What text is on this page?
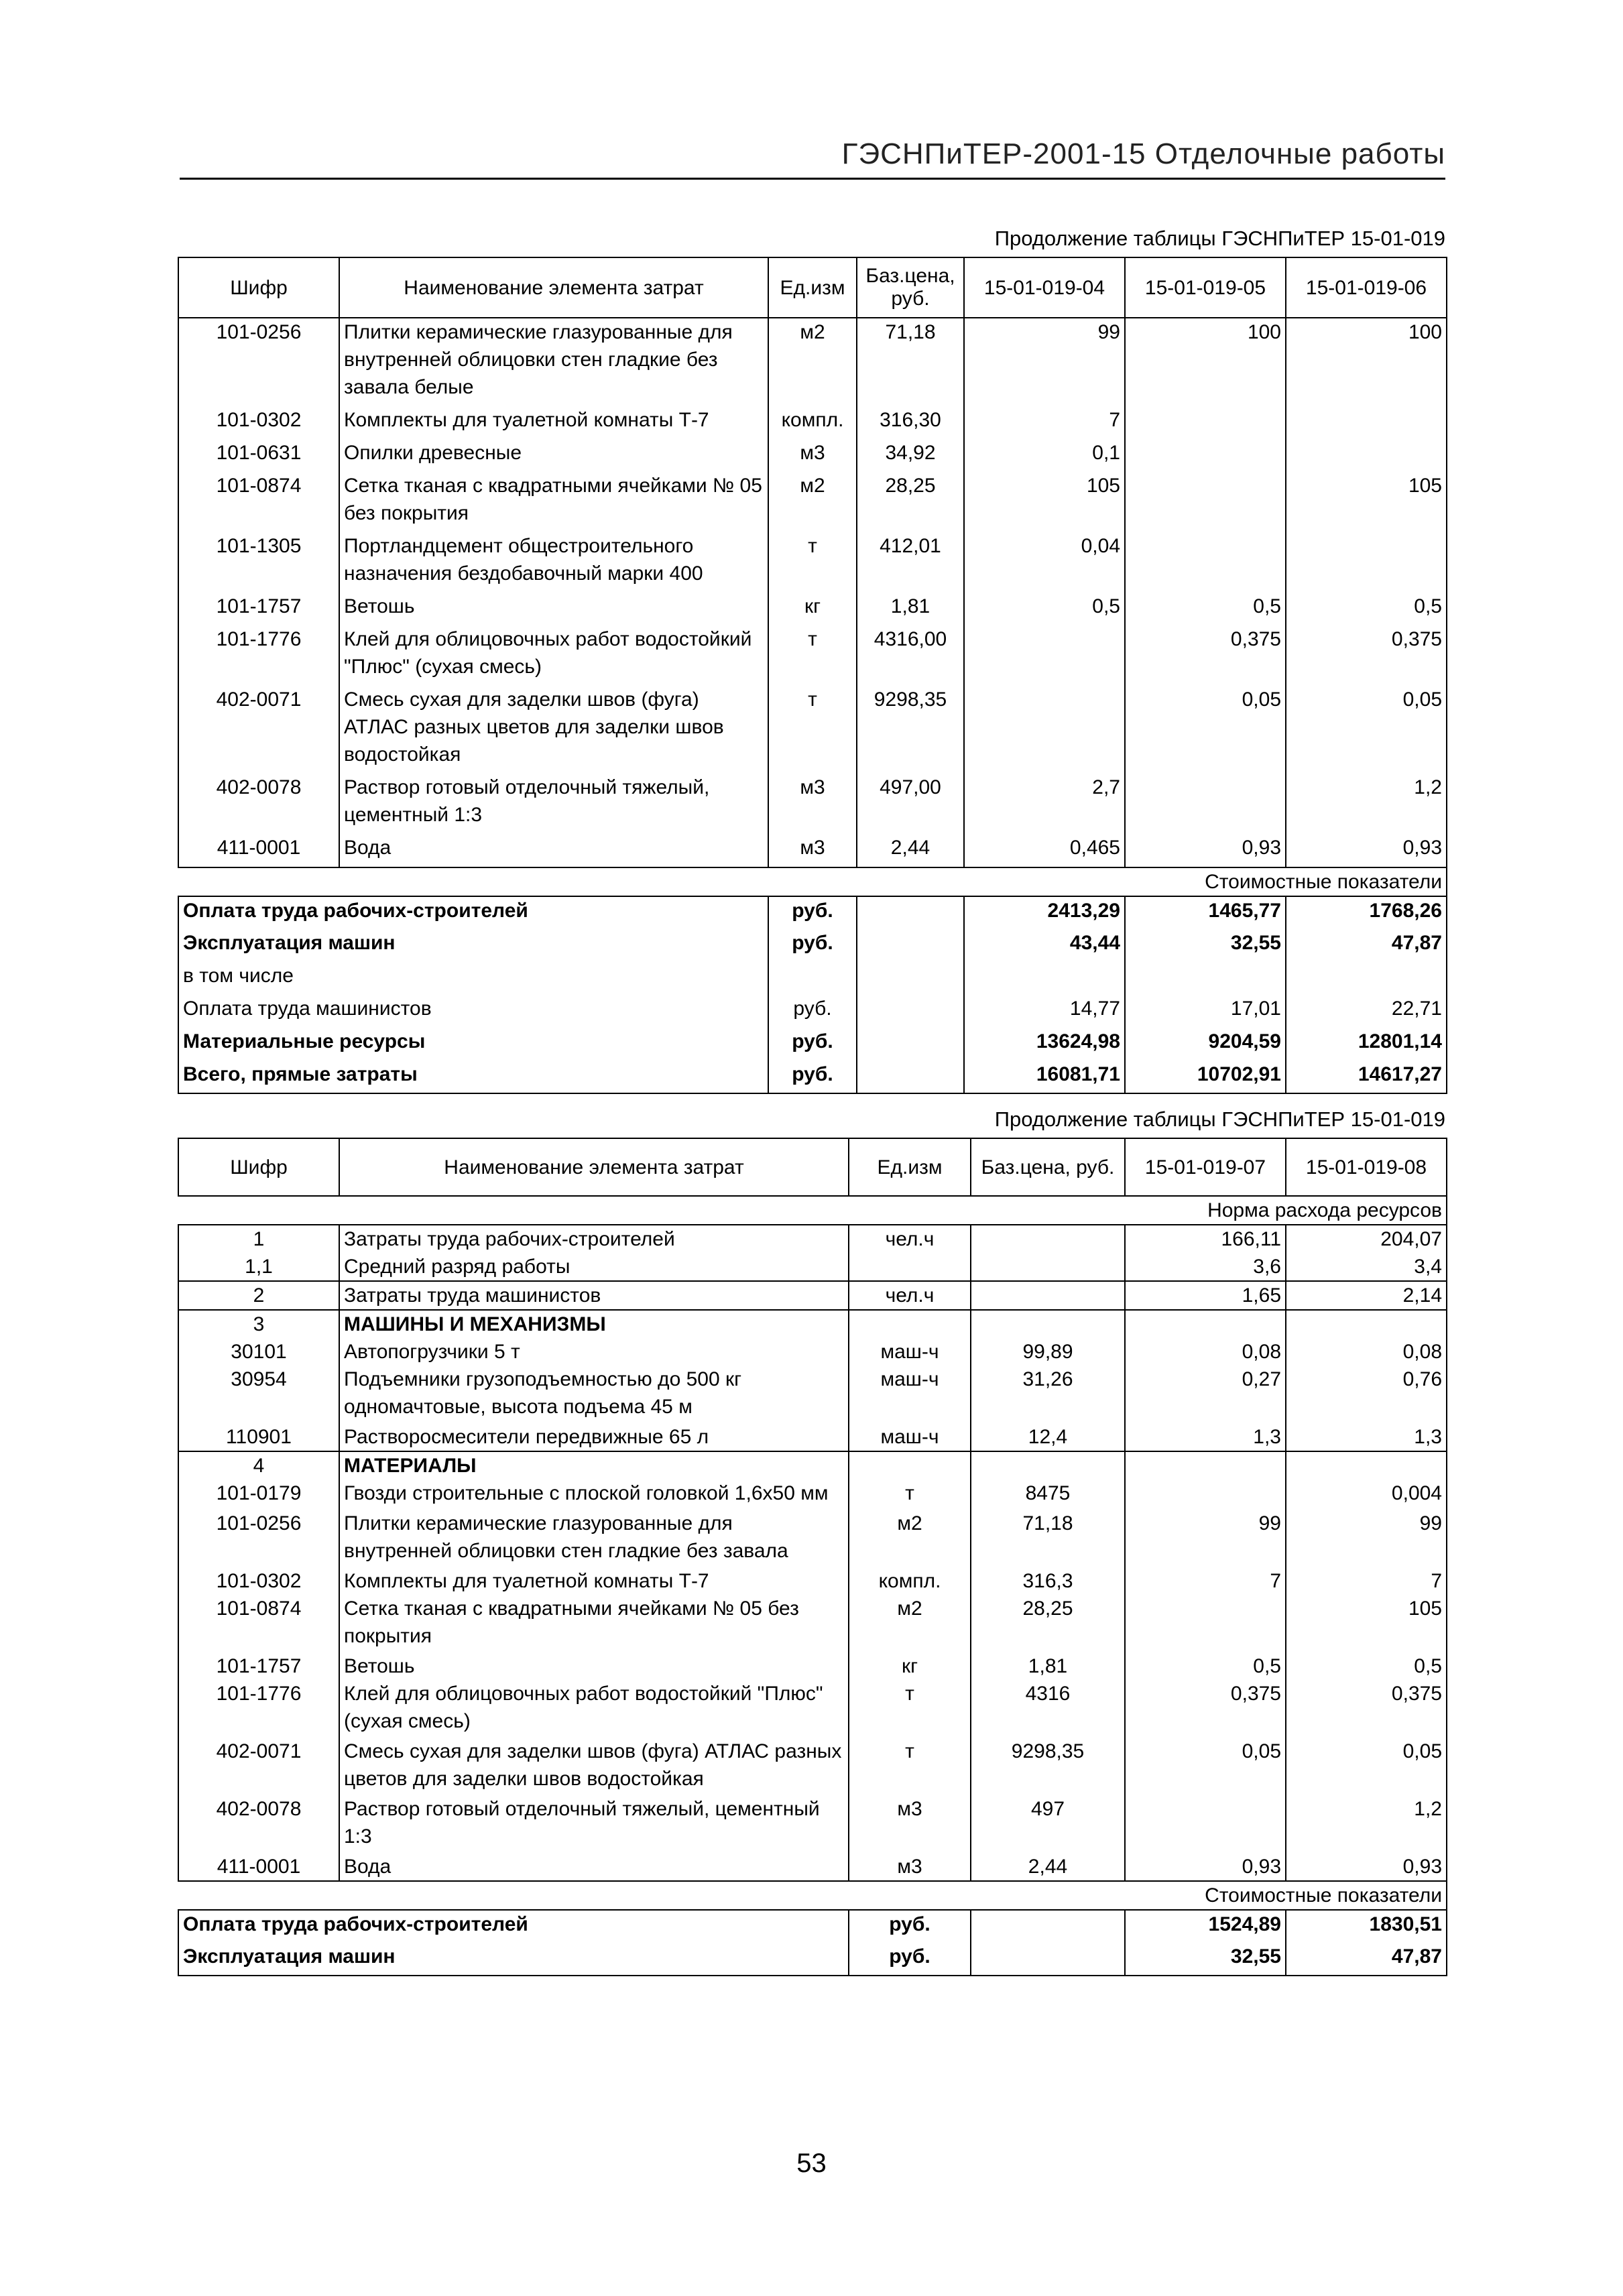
ГЭСНПиТЕР-2001-15 Отделочные работы
Продолжение таблицы ГЭСНПиТЕР 15-01-019
Шифр	Наименование элемента затрат	Ед.изм	Баз.цена, руб.	15-01-019-04	15-01-019-05	15-01-019-06
101-0256	Плитки керамические глазурованные для внутренней облицовки стен гладкие без завала белые	м2	71,18	99	100	100
101-0302	Комплекты для туалетной комнаты Т-7	компл.	316,30	7		
101-0631	Опилки древесные	м3	34,92	0,1		
101-0874	Сетка тканая с квадратными ячейками № 05 без покрытия	м2	28,25	105		105
101-1305	Портландцемент общестроительного назначения бездобавочный марки 400	т	412,01	0,04		
101-1757	Ветошь	кг	1,81	0,5	0,5	0,5
101-1776	Клей для облицовочных работ водостойкий "Плюс" (сухая смесь)	т	4316,00		0,375	0,375
402-0071	Смесь сухая для заделки швов (фуга) АТЛАС разных цветов для заделки швов водостойкая	т	9298,35		0,05	0,05
402-0078	Раствор готовый отделочный тяжелый, цементный 1:3	м3	497,00	2,7		1,2
411-0001	Вода	м3	2,44	0,465	0,93	0,93
Стоимостные показатели						
Оплата труда рабочих-строителей		руб.		2413,29	1465,77	1768,26
Эксплуатация машин		руб.		43,44	32,55	47,87
в том числе						
Оплата труда машинистов		руб.		14,77	17,01	22,71
Материальные ресурсы		руб.		13624,98	9204,59	12801,14
Всего, прямые затраты		руб.		16081,71	10702,91	14617,27
Продолжение таблицы ГЭСНПиТЕР 15-01-019
Шифр	Наименование элемента затрат	Ед.изм	Баз.цена, руб.	15-01-019-07	15-01-019-08
Норма расхода ресурсов					
1	Затраты труда рабочих-строителей	чел.ч		166,11	204,07
1,1	Средний разряд работы			3,6	3,4
2	Затраты труда машинистов	чел.ч		1,65	2,14
3	МАШИНЫ И МЕХАНИЗМЫ				
30101	Автопогрузчики 5 т	маш-ч	99,89	0,08	0,08
30954	Подъемники грузоподъемностью до 500 кг одномачтовые, высота подъема 45 м	маш-ч	31,26	0,27	0,76
110901	Растворосмесители передвижные 65 л	маш-ч	12,4	1,3	1,3
4	МАТЕРИАЛЫ				
101-0179	Гвозди строительные с плоской головкой 1,6x50 мм	т	8475		0,004
101-0256	Плитки керамические глазурованные для внутренней облицовки стен гладкие без завала	м2	71,18	99	99
101-0302	Комплекты для туалетной комнаты Т-7	компл.	316,3	7	7
101-0874	Сетка тканая с квадратными ячейками № 05 без покрытия	м2	28,25		105
101-1757	Ветошь	кг	1,81	0,5	0,5
101-1776	Клей для облицовочных работ водостойкий "Плюс" (сухая смесь)	т	4316	0,375	0,375
402-0071	Смесь сухая для заделки швов (фуга) АТЛАС разных цветов для заделки швов водостойкая	т	9298,35	0,05	0,05
402-0078	Раствор готовый отделочный тяжелый, цементный 1:3	м3	497		1,2
411-0001	Вода	м3	2,44	0,93	0,93
Стоимостные показатели					
Оплата труда рабочих-строителей		руб.		1524,89	1830,51
Эксплуатация машин		руб.		32,55	47,87
53
